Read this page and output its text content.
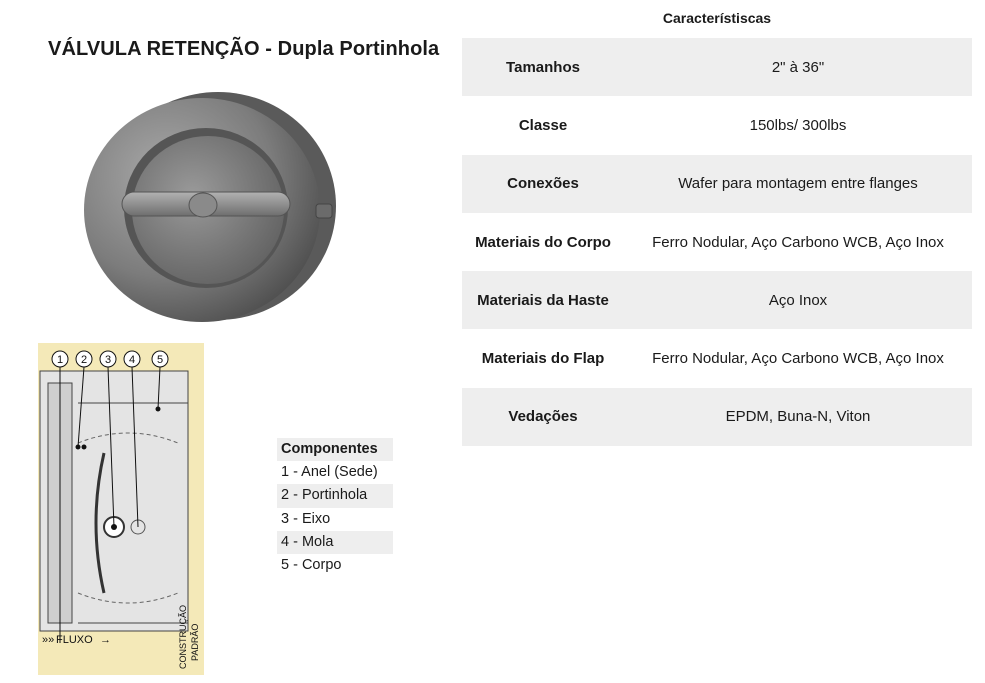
VÁLVULA RETENÇÃO - Dupla Portinhola
1 2 3 4 5
»» FLUXO →	CONSTRUÇÃO PADRÃO
Componentes
1 - Anel (Sede)
2 - Portinhola
3 - Eixo
4 - Mola
5 - Corpo
Característiscas
Tamanhos	2" à 36"
Classe	150lbs/ 300lbs
Conexões	Wafer para montagem entre flanges
Materiais do Corpo	Ferro Nodular, Aço Carbono WCB, Aço Inox
Materiais da Haste	Aço Inox
Materiais do Flap	Ferro Nodular, Aço Carbono WCB, Aço Inox
Vedações	EPDM, Buna-N, Viton
